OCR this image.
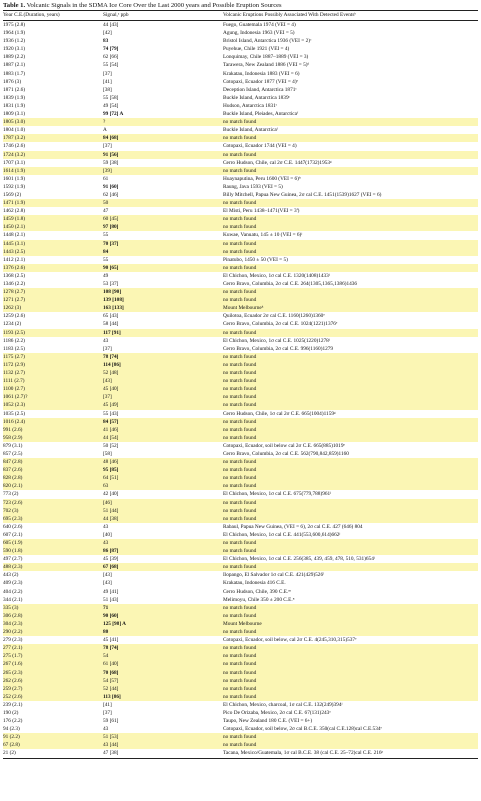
Table 1. Volcanic Signals in the SDMA Ice Core Over the Last 2000 years and Possible Eruption Sources
Year C.E.(Duration, years)	Signal,ᵃ ppb	Volcanic Eruptions Possibly Associated With Detected Eventsᵇ
1975 (2.8)	44 [43]	Fuego, Guatemala 1974 (VEI = 4)
1964 (1.9)	[42]	Agung, Indonesia 1963 (VEI = 5)
1936 (1.2)	83	Bristol Island, Antarctica 1936 (VEI = 2)ᶜ
1920 (3.1)	74 [79]	Puyehue, Chile 1921 (VEI = 4)
1889 (2.2)	62 [66]	Lonquimay, Chile 1887–1889 (VEI = 3)
1887 (2.1)	55 [54]	Tarawera, New Zealand 1886 (VEI = 5)ᵈ
1883 (1.7)	[37]	Krakatau, Indonesia 1883 (VEI = 6)
1876 (3)	[41]	Cotopaxi, Ecuador 1877 (VEI = 4)ᵉ
1871 (2.6)	[38]	Deception Island, Antarctica 1871ᶜ
1839 (1.9)	55 [58]	Buckle Island, Antarctica 1839ᶜ
1831 (1.9)	49 [54]	Hudson, Antarctica 1831ᶜ
1809 (3.1)	99 [72] A	Buckle Island, Pleiades, Antarcticaᶠ
1805 (3.0)	?	no match found
1804 (1.0)	A	Buckle Island, Antarcticaᶠ
1787 (3.2)	84 [68]	no match found
1746 (2.6)	[37]	Cotopaxi, Ecuador 1744 (VEI = 4)
1724 (3.2)	91 [56]	no match found
1707 (3.1)	59 [38]	Cerro Hudson, Chile, cal 2σ C.E. 1447(1732)1953ᵍ
1614 (1.9)	[39]	no match found
1601 (1.9)	61	Huaynaputina, Peru 1600 (VEI = 6)ʰ
1592 (1.9)	91 [60]	Raung, Java 1593 (VEI = 5)
1569 (2)	62 [46]	Billy Mitchell, Papua New Guinea, 2σ cal C.E. 1451(1539)1627 (VEI = 6)
1471 (1.9)	50	no match found
1462 (2.8)	47	El Misti, Peru 1438–1471(VEI = 3ⁱ)
1459 (1.8)	60 [45]	no match found
1450 (2.1)	97 [80]	no match found
1448 (2.1)	55	Kuwae, Vanuatu, 145 ± 10 (VEI = 6)ʲ
1445 (3.1)	70 [37]	no match found
1443 (2.5)	84	no match found
1412 (2.1)	55	Pinatubo, 1450 ± 50 (VEI = 5)
1376 (2.6)	90 [65]	no match found
1368 (2.5)	49	El Chichon, Mexico, 1σ cal C.E. 1320(1408)1433ʲ
1346 (2.2)	53 [37]	Cerro Bravo, Columbia, 2σ cal C.E. 264(1305,1365,1386)1436
1278 (2.7)	108 [90]	no match found
1271 (2.7)	139 [108]	no match found
1262 (3)	163 [133]	Mount Melbourneᵏ
1259 (2.6)	65 [43]	Quilotoa, Ecuador 2σ cal C.E. 1160(1260)1360ᵉ
1234 (2)	58 [44]	Cerro Bravo, Columbia, 2σ cal C.E. 1024(1221)1376ᵉ
1193 (2.5)	117 [91]	no match found
1186 (2.2)	43	El Chichon, Mexico, 1σ cal C.E. 1025(1220)1278ʲ
1183 (2.5)	[37]	Cerro Bravo, Columbia, 2σ cal C.E. 996(1160)1279
1175 (2.7)	78 [74]	no match found
1172 (2.9)	114 [86]	no match found
1132 (2.7)	52 [48]	no match found
1111 (2.7)	[43]	no match found
1100 (2.7)	45 [40]	no match found
1061 (2.7)?	[37]	no match found
1052 (2.3)	45 [49]	no match found
1035 (2.5)	55 [43]	Cerro Hudson, Chile, 1σ cal 2σ C.E. 665(1004)1159ᵍ
1016 (2.4)	84 [57]	no match found
991 (2.6)	41 [46]	no match found
958 (2.9)	44 [54]	no match found
879 (3.1)	50 [52]	Cotopaxi, Ecuador, soil below cal 2σ C.E. 665(885)1019ᵉ
857 (2.5)	[58]	Cerro Bravo, Columbia, 2σ cal C.E. 562(790,842,859)1160
847 (2.8)	48 [46]	no match found
837 (2.6)	95 [85]	no match found
828 (2.8)	64 [51]	no match found
820 (2.1)	63	no match found
773 (2)	42 [40]	El Chichon, Mexico, 1σ cal C.E. 675(779,788)961ʲ
723 (2.6)	[46]	no match found
702 (3)	51 [44]	no match found
695 (2.3)	44 [38]	no match found
640 (2.6)	43	Rabaul, Papua New Guinea, (VEI = 6), 2σ cal C.E. 427 (646) 804
607 (2.1)	[40]	El Chichon, Mexico, 1σ cal C.E. 441(553,600,614)662ʲ
605 (1.9)	43	no match found
590 (1.8)	86 [87]	no match found
497 (2.7)	45 [39]	El Chichon, Mexico, 1σ cal C.E. 256(385, 439, 459, 478, 510, 531)654ʲ
488 (2.3)	67 [68]	no match found
443 (2)	[43]	Ilopango, El Salvador 1σ cal C.E. 421(429)526ˡ
409 (2.3)	[43]	Krakatau, Indonesia 416 C.E.
404 (2.2)	49 [41]	Cerro Hudson, Chile, 390 C.E.ᵐ
344 (2.1)	51 [43]	Melimoyu, Chile 350 ± 200 C.E.ⁿ
335 (3)	71	no match found
306 (2.8)	90 [60]	no match found
304 (2.3)	125 [98] A	Mount Melbourne
290 (2.2)	80	no match found
279 (2.3)	45 [41]	Cotopaxi, Ecuador, soil below, cal 2σ C.E. 4(245,310,315)537ᵉ
277 (2.1)	78 [74]	no match found
275 (1.7)	54	no match found
267 (1.6)	61 [40]	no match found
265 (2.3)	70 [68]	no match found
262 (2.6)	54 [57]	no match found
259 (2.7)	52 [44]	no match found
252 (2.6)	113 [86]	no match found
239 (2.1)	[41]	El Chichon, Mexico, charcoal, 1σ cal C.E. 132(249)394ʲ
190 (2)	[37]	Pico De Orizaba, Mexico, 2σ cal C.E. 67(131)243ᵒ
176 (2.2)	59 [61]	Taupo, New Zealand 180 C.E. (VEI = 6+)
94 (2.3)	43	Cotopaxi, Ecuador, soil below, 2σ cal B.C.E. 350(cal C.E.128)cal C.E.534ᵉ
91 (2.2)	51 [53]	no match found
67 (2.8)	43 [44]	no match found
21 (2)	47 [38]	Tacana, Mexico/Guatemala, 1σ cal B.C.E. 38 (cal C.E. 25–72)cal C.E. 216ᵖ
